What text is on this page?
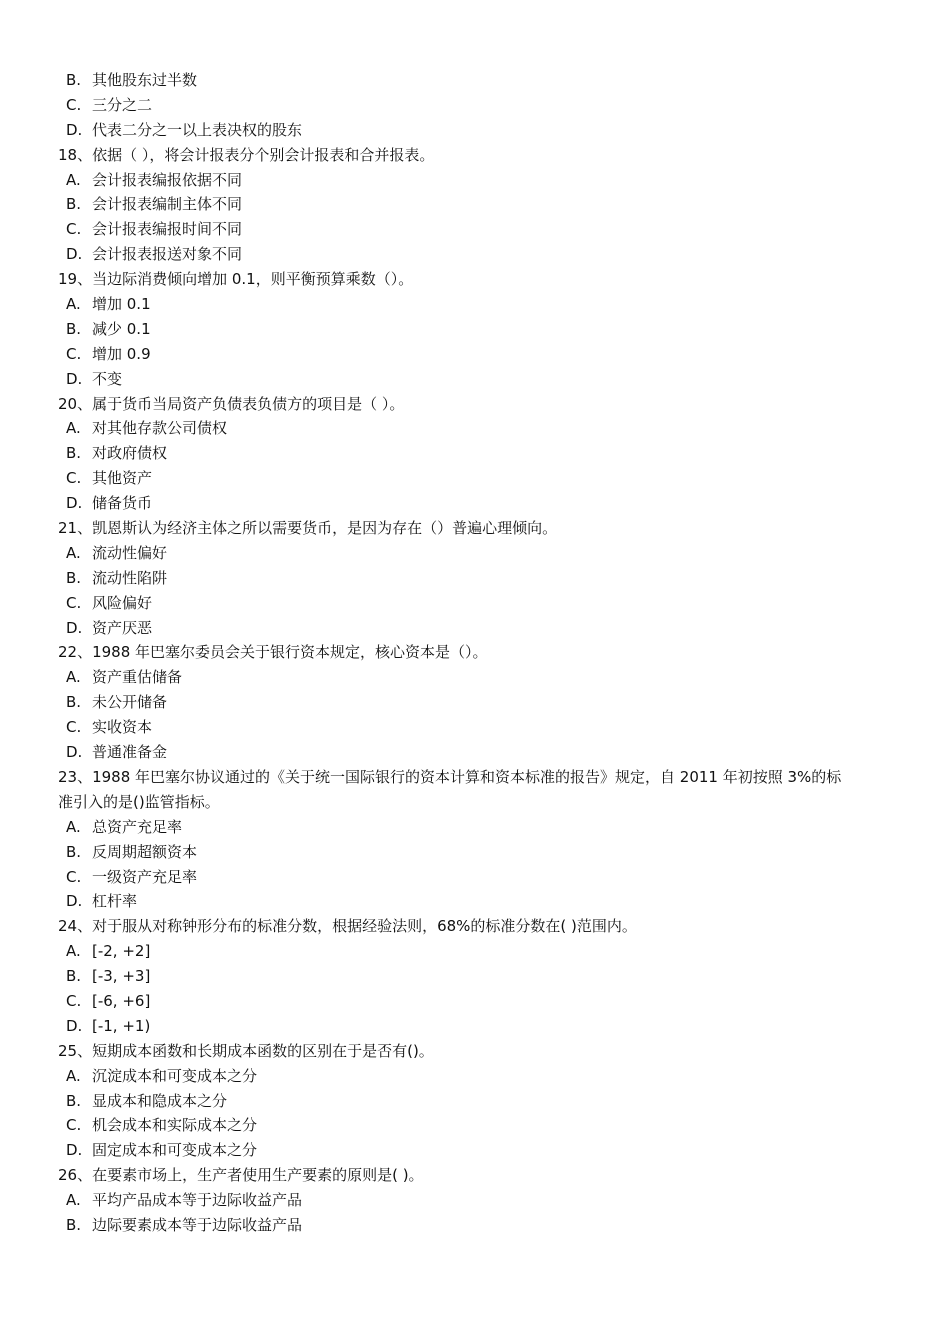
B. 其他股东过半数
C. 三分之二
D. 代表二分之一以上表决权的股东
18、依据（ ），将会计报表分个别会计报表和合并报表。
A. 会计报表编报依据不同
B. 会计报表编制主体不同
C. 会计报表编报时间不同
D. 会计报表报送对象不同
19、当边际消费倾向增加 0.1，则平衡预算乘数（）。
A. 增加 0.1
B. 减少 0.1
C. 增加 0.9
D. 不变
20、属于货币当局资产负债表负债方的项目是（ ）。
A. 对其他存款公司债权
B. 对政府债权
C. 其他资产
D. 储备货币
21、凯恩斯认为经济主体之所以需要货币，是因为存在（）普遍心理倾向。
A. 流动性偏好
B. 流动性陷阱
C. 风险偏好
D. 资产厌恶
22、1988 年巴塞尔委员会关于银行资本规定，核心资本是（）。
A. 资产重估储备
B. 未公开储备
C. 实收资本
D. 普通准备金
23、1988 年巴塞尔协议通过的《关于统一国际银行的资本计算和资本标准的报告》规定，自 2011 年初按照 3%的标
准引入的是()监管指标。
A. 总资产充足率
B. 反周期超额资本
C. 一级资产充足率
D. 杠杆率
24、对于服从对称钟形分布的标准分数，根据经验法则，68%的标准分数在( )范围内。
A. [-2, +2]
B. [-3, +3]
C. [-6, +6]
D. [-1, +1)
25、短期成本函数和长期成本函数的区别在于是否有()。
A. 沉淀成本和可变成本之分
B. 显成本和隐成本之分
C. 机会成本和实际成本之分
D. 固定成本和可变成本之分
26、在要素市场上，生产者使用生产要素的原则是( )。
A. 平均产品成本等于边际收益产品
B. 边际要素成本等于边际收益产品
